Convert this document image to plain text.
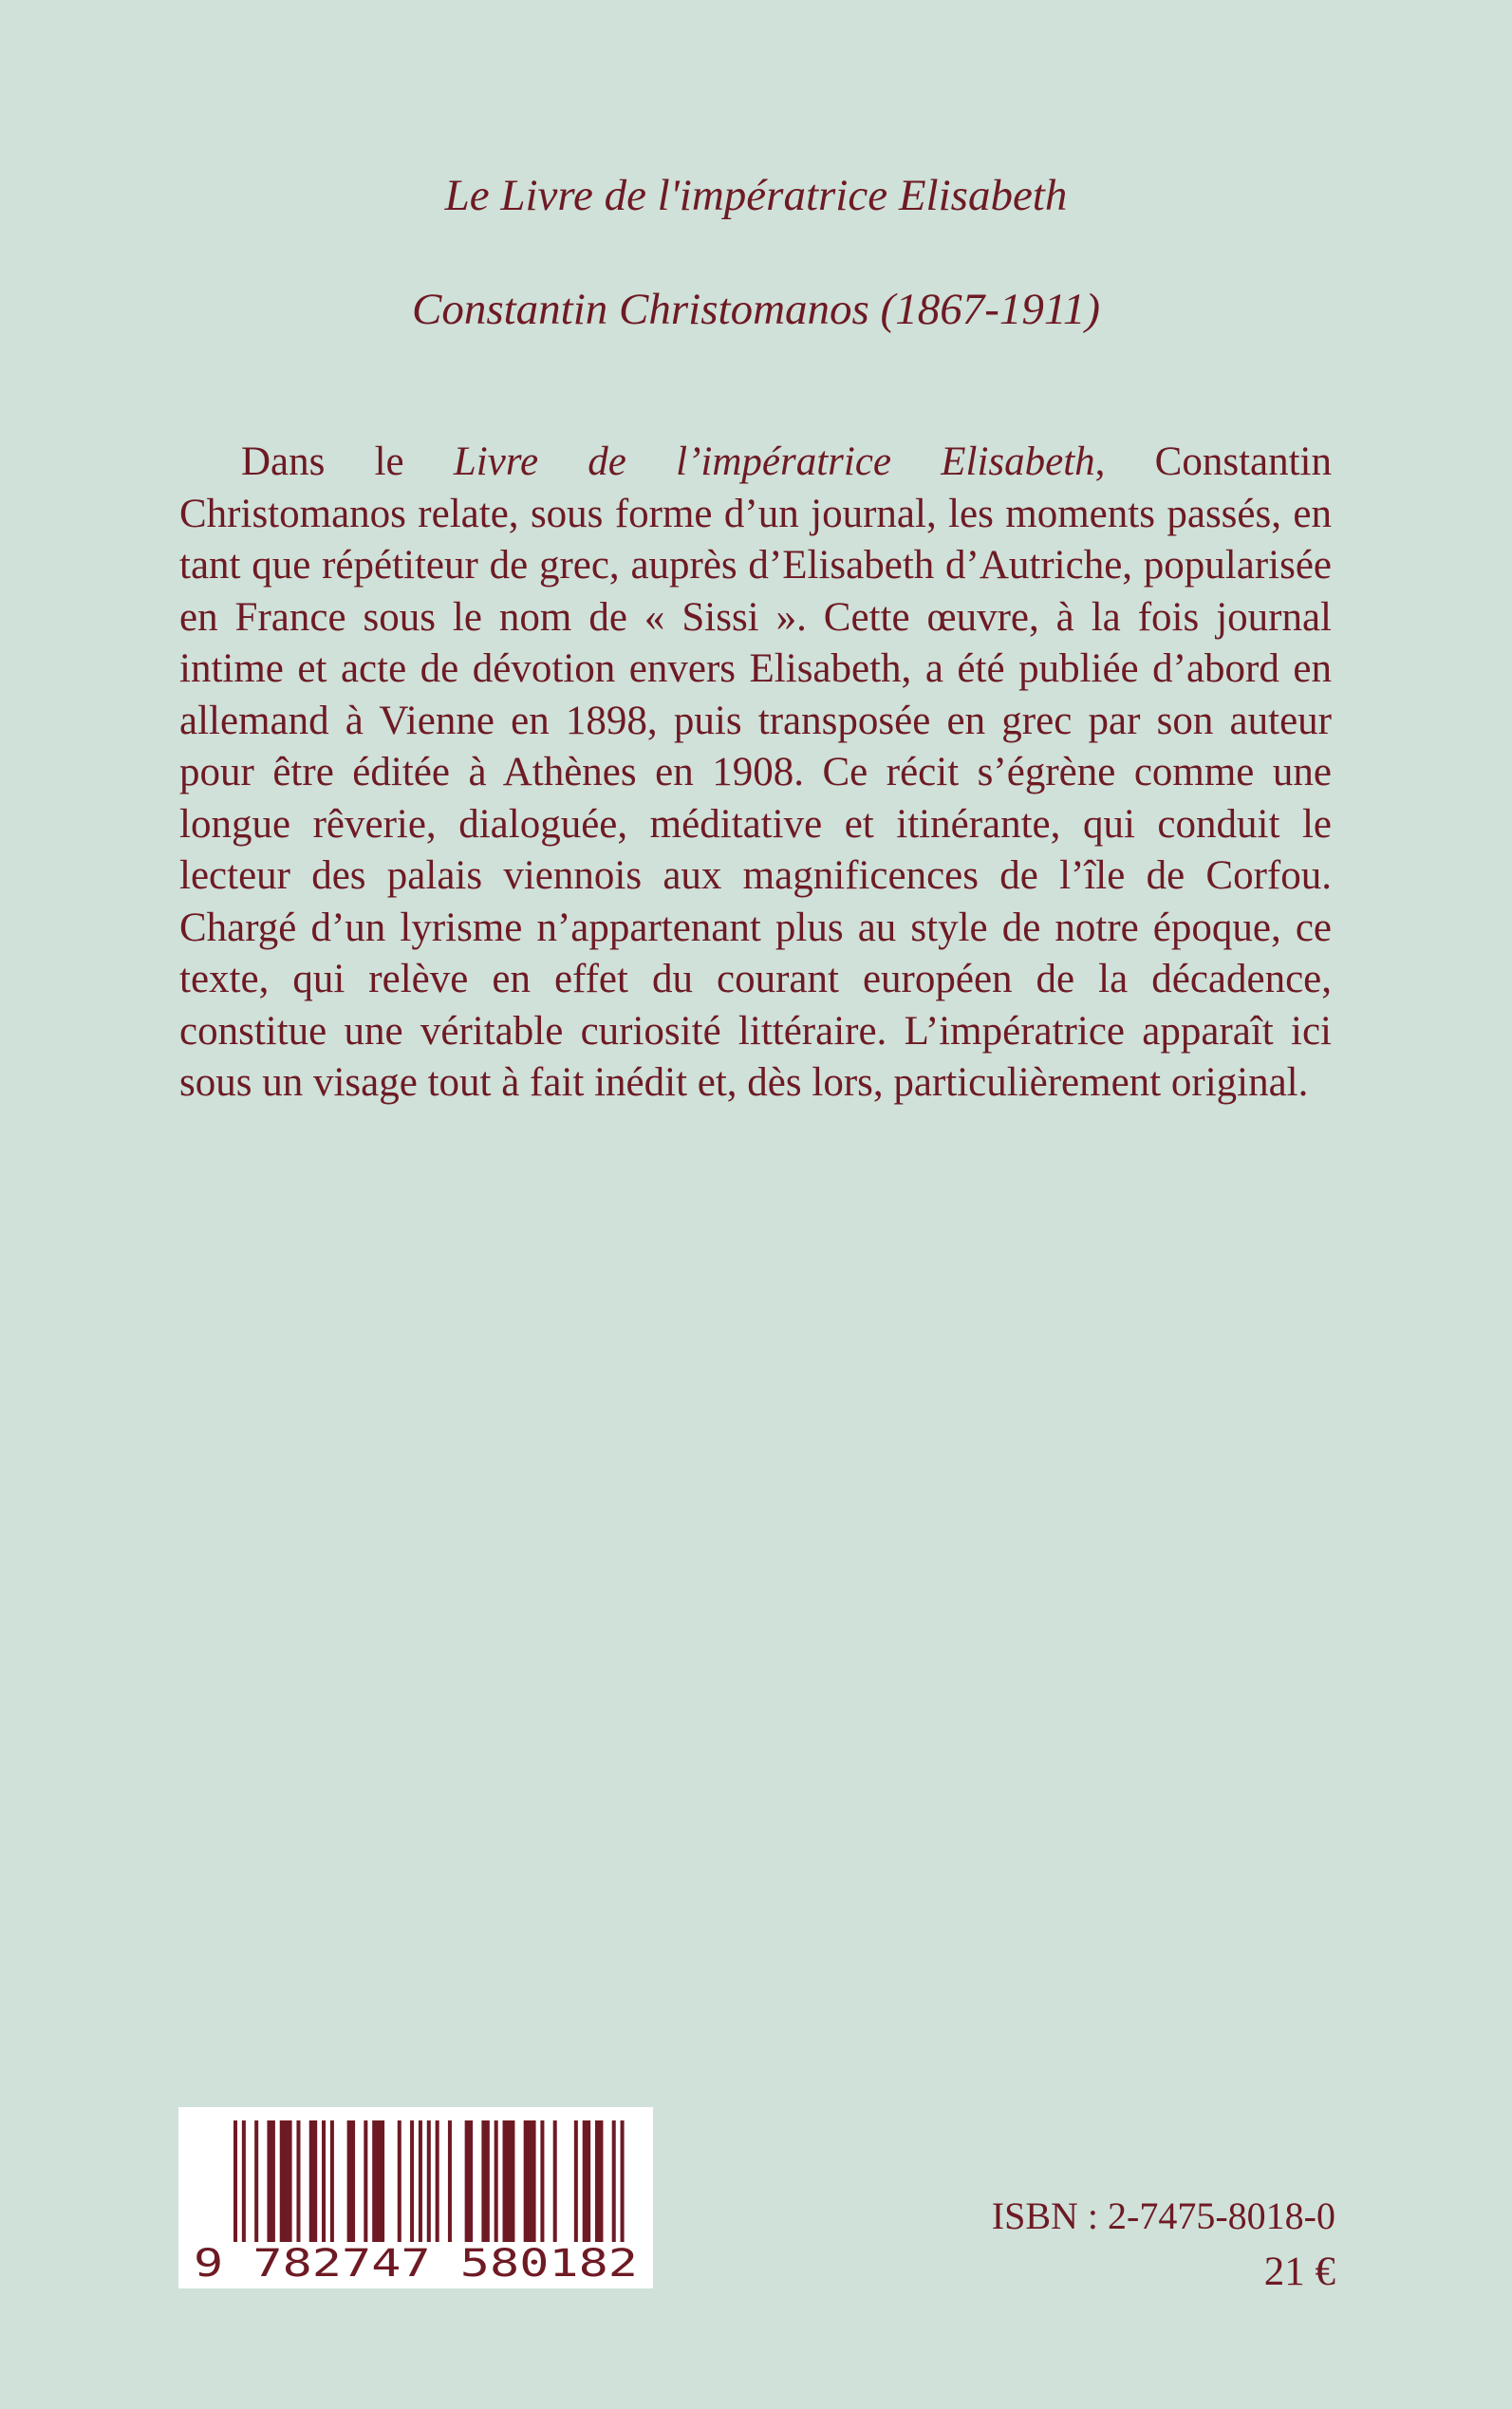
Le Livre de l'impératrice Elisabeth
Constantin Christomanos (1867-1911)

Dans le Livre de l’impératrice Elisabeth, Constantin Christomanos relate, sous forme d’un journal, les moments passés, en tant que répétiteur de grec, auprès d’Elisabeth d’Autriche, popularisée en France sous le nom de « Sissi ». Cette œuvre, à la fois journal intime et acte de dévotion envers Elisabeth, a été publiée d’abord en allemand à Vienne en 1898, puis transposée en grec par son auteur pour être éditée à Athènes en 1908. Ce récit s’égrène comme une longue rêverie, dialoguée, méditative et itinérante, qui conduit le lecteur des palais viennois aux magnificences de l’île de Corfou. Chargé d’un lyrisme n’appartenant plus au style de notre époque, ce texte, qui relève en effet du courant européen de la décadence, constitue une véritable curiosité littéraire. L’impératrice apparaît ici sous un visage tout à fait inédit et, dès lors, particulièrement original.

9 782747 580182
ISBN : 2-7475-8018-0
21 €
